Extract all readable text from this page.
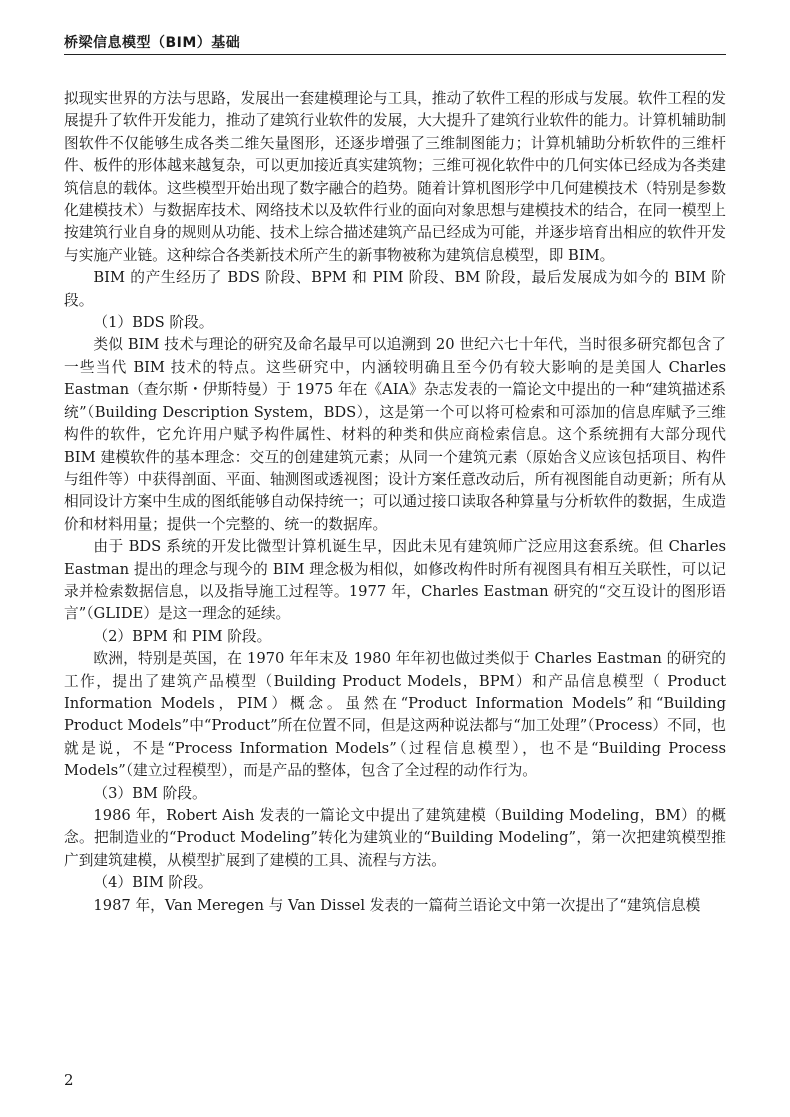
桥梁信息模型（BIM）基础

拟现实世界的方法与思路，发展出一套建模理论与工具，推动了软件工程的形成与发展。软件工程的发展提升了软件开发能力，推动了建筑行业软件的发展，大大提升了建筑行业软件的能力。计算机辅助制图软件不仅能够生成各类二维矢量图形，还逐步增强了三维制图能力；计算机辅助分析软件的三维杆件、板件的形体越来越复杂，可以更加接近真实建筑物；三维可视化软件中的几何实体已经成为各类建筑信息的载体。这些模型开始出现了数字融合的趋势。随着计算机图形学中几何建模技术（特别是参数化建模技术）与数据库技术、网络技术以及软件行业的面向对象思想与建模技术的结合，在同一模型上按建筑行业自身的规则从功能、技术上综合描述建筑产品已经成为可能，并逐步培育出相应的软件开发与实施产业链。这种综合各类新技术所产生的新事物被称为建筑信息模型，即 BIM。

BIM 的产生经历了 BDS 阶段、BPM 和 PIM 阶段、BM 阶段，最后发展成为如今的 BIM 阶段。

（1）BDS 阶段。

类似 BIM 技术与理论的研究及命名最早可以追溯到 20 世纪六七十年代，当时很多研究都包含了一些当代 BIM 技术的特点。这些研究中，内涵较明确且至今仍有较大影响的是美国人 Charles Eastman（查尔斯・伊斯特曼）于 1975 年在《AIA》杂志发表的一篇论文中提出的一种“建筑描述系统”（Building Description System，BDS），这是第一个可以将可检索和可添加的信息库赋予三维构件的软件，它允许用户赋予构件属性、材料的种类和供应商检索信息。这个系统拥有大部分现代 BIM 建模软件的基本理念：交互的创建建筑元素；从同一个建筑元素（原始含义应该包括项目、构件与组件等）中获得剖面、平面、轴测图或透视图；设计方案任意改动后，所有视图能自动更新；所有从相同设计方案中生成的图纸能够自动保持统一；可以通过接口读取各种算量与分析软件的数据，生成造价和材料用量；提供一个完整的、统一的数据库。

由于 BDS 系统的开发比微型计算机诞生早，因此未见有建筑师广泛应用这套系统。但 Charles Eastman 提出的理念与现今的 BIM 理念极为相似，如修改构件时所有视图具有相互关联性，可以记录并检索数据信息，以及指导施工过程等。1977 年，Charles Eastman 研究的“交互设计的图形语言”（GLIDE）是这一理念的延续。

（2）BPM 和 PIM 阶段。

欧洲，特别是英国，在 1970 年年末及 1980 年年初也做过类似于 Charles Eastman 的研究的工作，提出了建筑产品模型（Building Product Models，BPM）和产品信息模型（ Product Information Models，PIM）概念。虽然在“Product Information Models”和“Building Product Models”中“Product”所在位置不同，但是这两种说法都与“加工处理”（Process）不同，也就是说，不是“Process Information Models”（过程信息模型），也不是“Building Process Models”（建立过程模型），而是产品的整体，包含了全过程的动作行为。

（3）BM 阶段。

1986 年，Robert Aish 发表的一篇论文中提出了建筑建模（Building Modeling，BM）的概念。把制造业的“Product Modeling”转化为建筑业的“Building Modeling”，第一次把建筑模型推广到建筑建模，从模型扩展到了建模的工具、流程与方法。

（4）BIM 阶段。

1987 年，Van Meregen 与 Van Dissel 发表的一篇荷兰语论文中第一次提出了“建筑信息模

2
